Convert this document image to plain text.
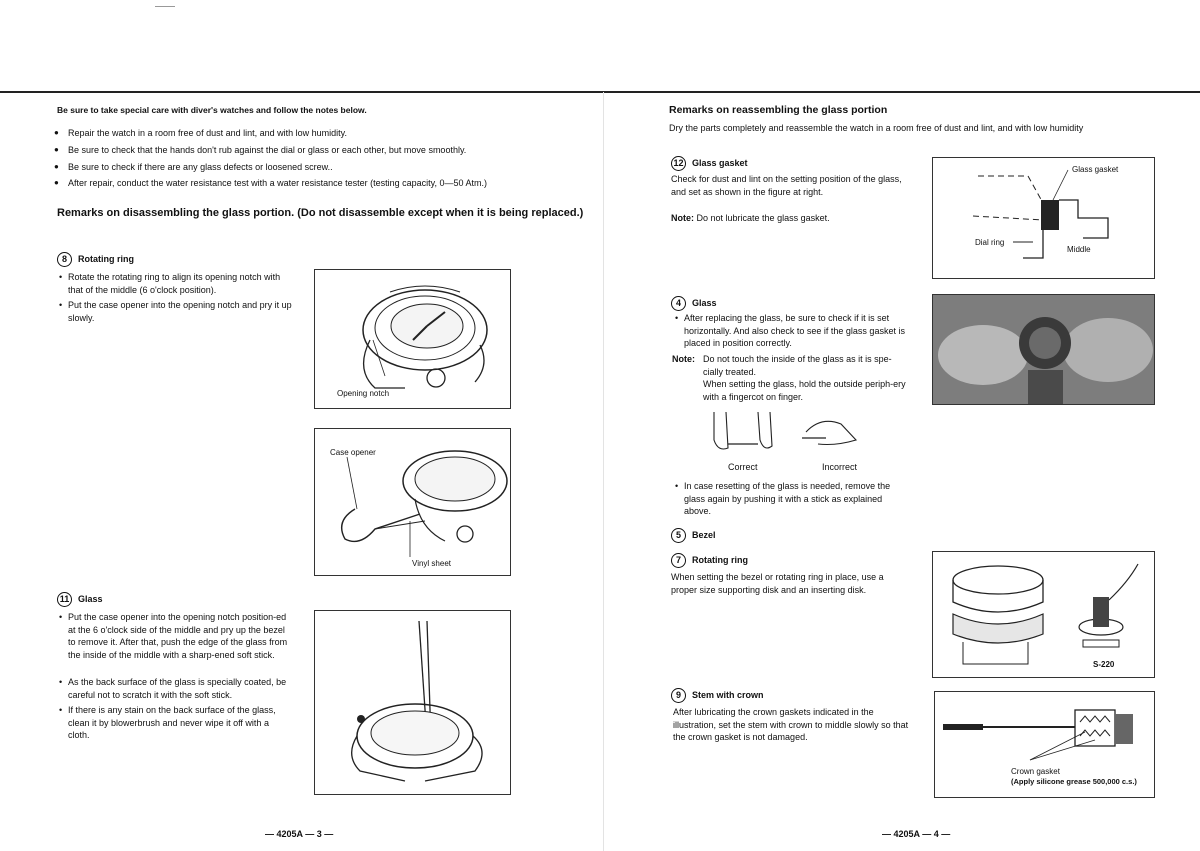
Be sure to take special care with diver's watches and follow the notes below.
● Repair the watch in a room free of dust and lint, and with low humidity.
● Be sure to check that the hands don't rub against the dial or glass or each other, but move smoothly.
● Be sure to check if there are any glass defects or loosened screw..
● After repair, conduct the water resistance test with a water resistance tester (testing capacity, 0—50 Atm.)
Remarks on disassembling the glass portion. (Do not disassemble except when it is being replaced.)
8 Rotating ring
• Rotate the rotating ring to align its opening notch with that of the middle (6 o'clock position).
• Put the case opener into the opening notch and pry it up slowly.
Opening notch
Case opener
Vinyl sheet
11 Glass
• Put the case opener into the opening notch position-ed at the 6 o'clock side of the middle and pry up the bezel to remove it. After that, push the edge of the glass from the inside of the middle with a sharp-ened soft stick.
• As the back surface of the glass is specially coated, be careful not to scratch it with the soft stick.
• If there is any stain on the back surface of the glass, clean it by blowerbrush and never wipe it off with a cloth.
— 4205A — 3 —
Remarks on reassembling the glass portion
Dry the parts completely and reassemble the watch in a room free of dust and lint, and with low humidity
12 Glass gasket
Check for dust and lint on the setting position of the glass, and set as shown in the figure at right.
Note: Do not lubricate the glass gasket.
Glass gasket
Dial ring
Middle
4 Glass
• After replacing the glass, be sure to check if it is set horizontally. And also check to see if the glass gasket is placed in position correctly.
Note: Do not touch the inside of the glass as it is spe-cially treated.
When setting the glass, hold the outside periph-ery with a fingercot on finger.
Correct	Incorrect
• In case resetting of the glass is needed, remove the glass again by pushing it with a stick as explained above.
5 Bezel
7 Rotating ring
When setting the bezel or rotating ring in place, use a proper size supporting disk and an inserting disk.
S-220
9 Stem with crown
After lubricating the crown gaskets indicated in the illustration, set the stem with crown to middle slowly so that the crown gasket is not damaged.
Crown gasket
(Apply silicone grease 500,000 c.s.)
— 4205A — 4 —
